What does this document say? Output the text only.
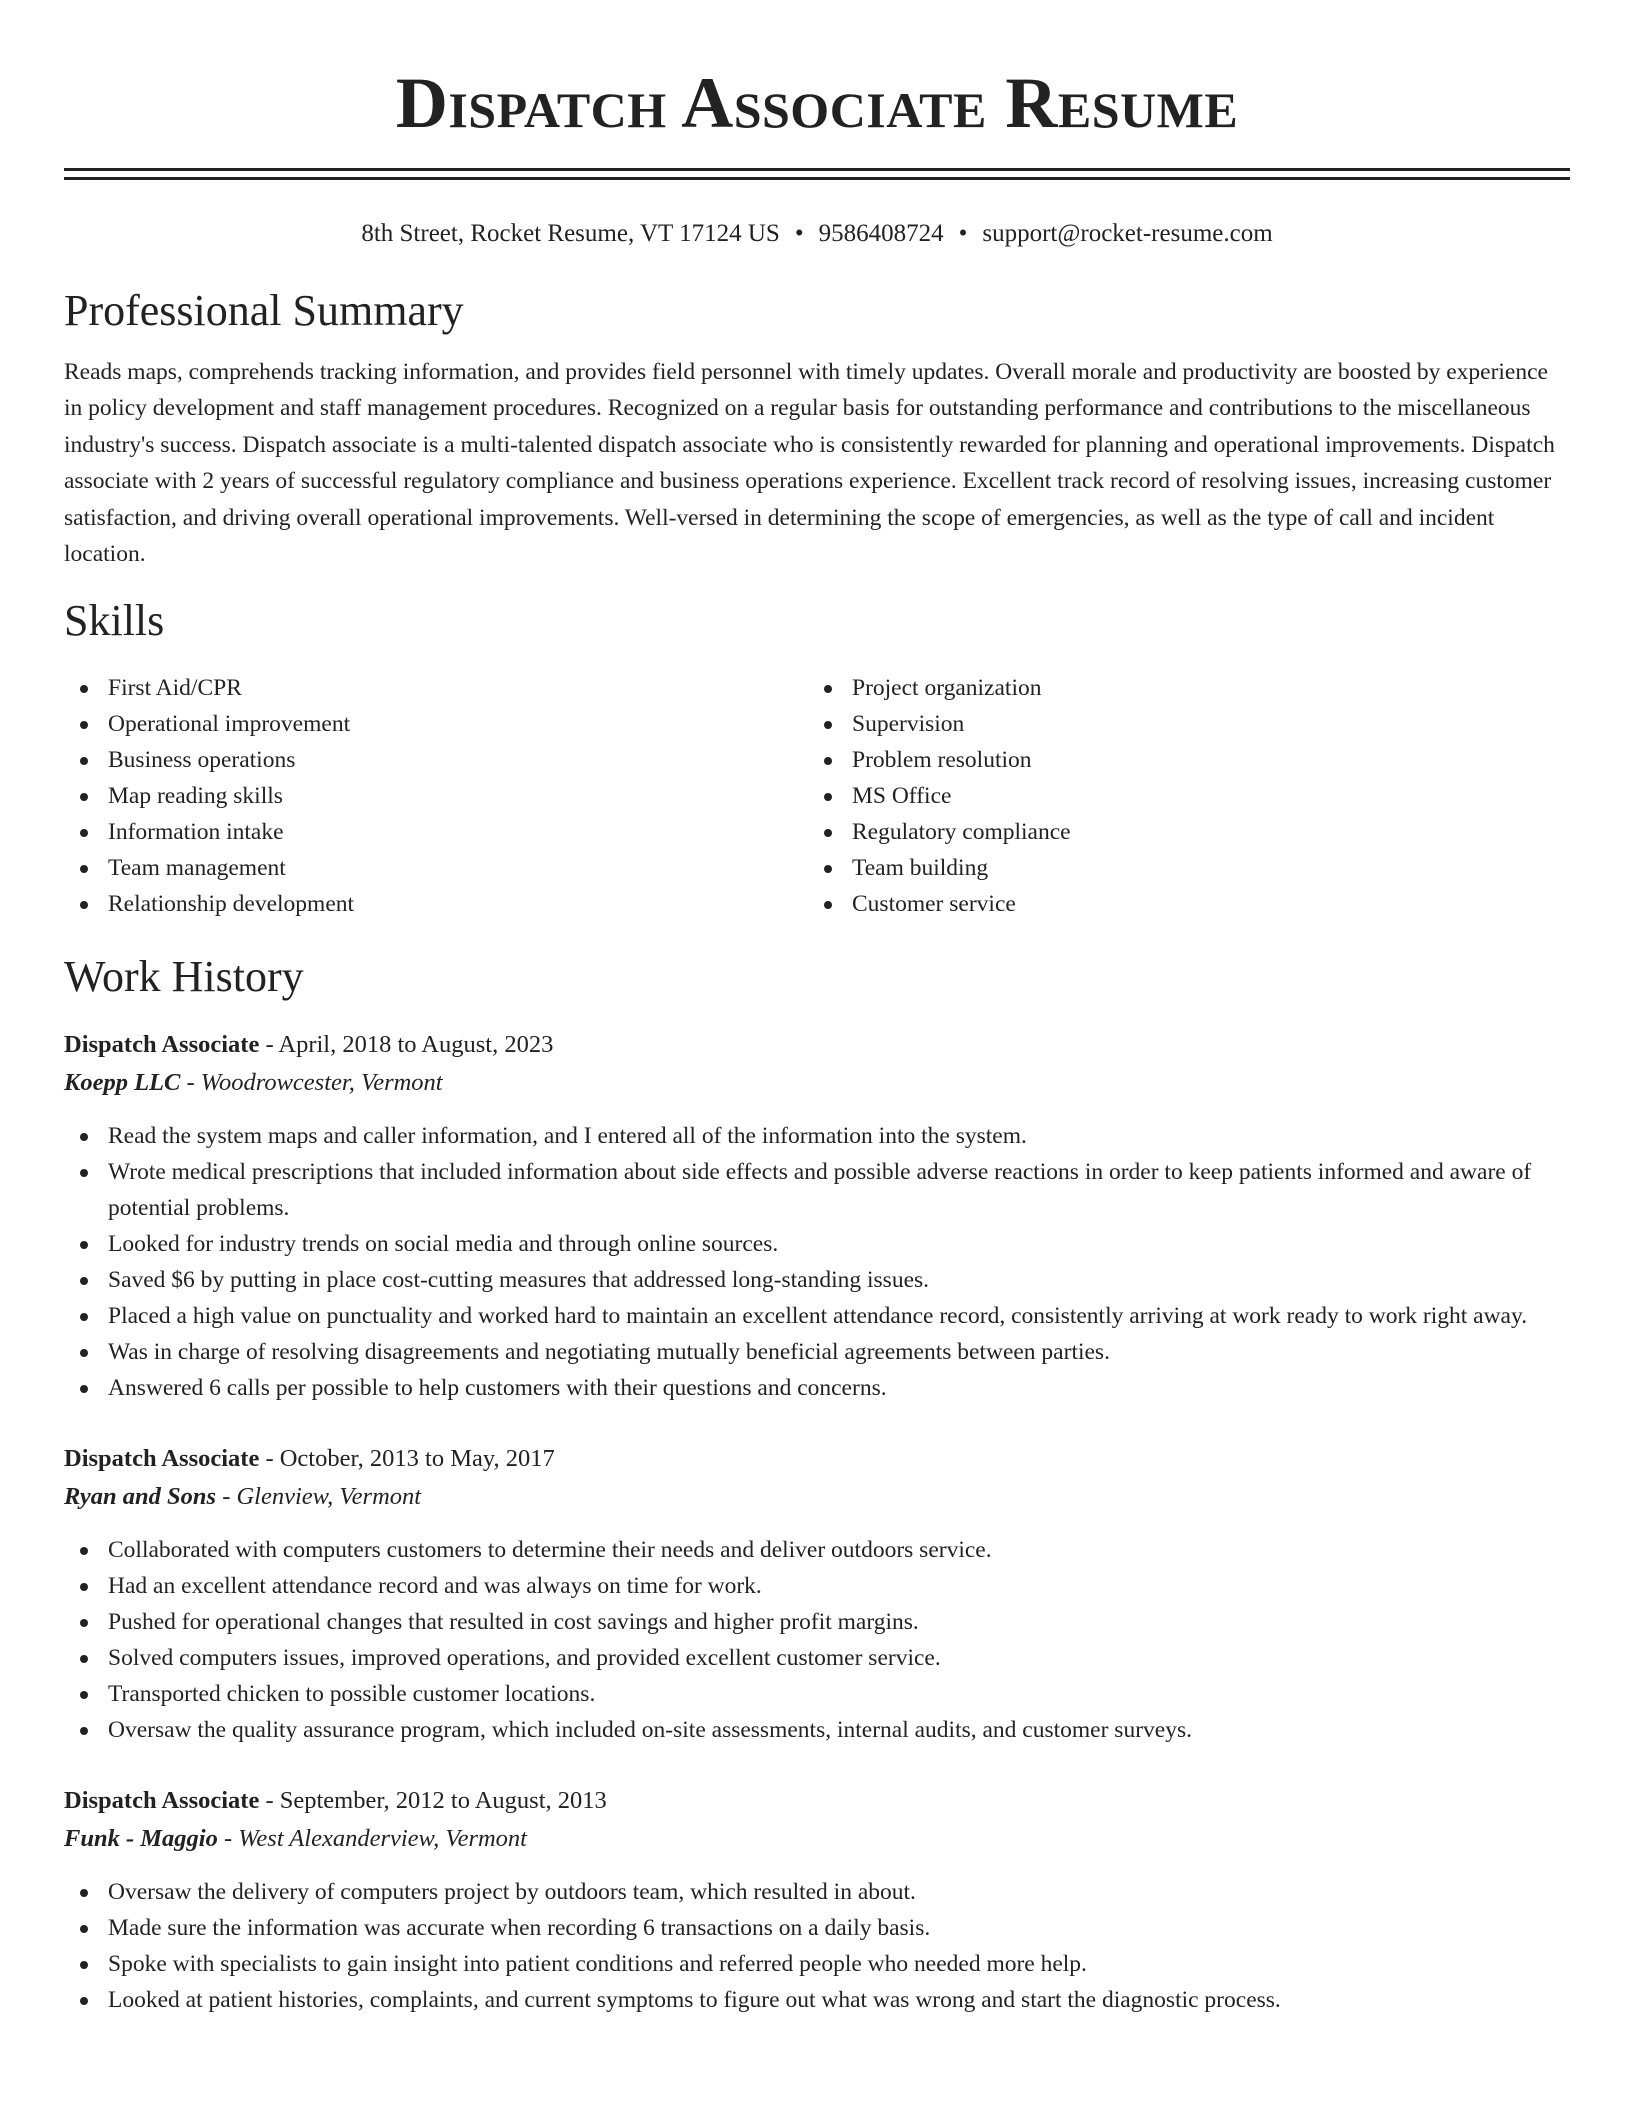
Dispatch Associate Resume
8th Street, Rocket Resume, VT 17124 US • 9586408724 • support@rocket-resume.com
Professional Summary

Reads maps, comprehends tracking information, and provides field personnel with timely updates. Overall morale and productivity are boosted by experience in policy development and staff management procedures. Recognized on a regular basis for outstanding performance and contributions to the miscellaneous industry's success. Dispatch associate is a multi-talented dispatch associate who is consistently rewarded for planning and operational improvements. Dispatch associate with 2 years of successful regulatory compliance and business operations experience. Excellent track record of resolving issues, increasing customer satisfaction, and driving overall operational improvements. Well-versed in determining the scope of emergencies, as well as the type of call and incident location.

Skills
First Aid/CPR
Operational improvement
Business operations
Map reading skills
Information intake
Team management
Relationship development
Project organization
Supervision
Problem resolution
MS Office
Regulatory compliance
Team building
Customer service
Work History
Dispatch Associate - April, 2018 to August, 2023
Koepp LLC - Woodrowcester, Vermont
Read the system maps and caller information, and I entered all of the information into the system.
Wrote medical prescriptions that included information about side effects and possible adverse reactions in order to keep patients informed and aware of potential problems.
Looked for industry trends on social media and through online sources.
Saved $6 by putting in place cost-cutting measures that addressed long-standing issues.
Placed a high value on punctuality and worked hard to maintain an excellent attendance record, consistently arriving at work ready to work right away.
Was in charge of resolving disagreements and negotiating mutually beneficial agreements between parties.
Answered 6 calls per possible to help customers with their questions and concerns.
Dispatch Associate - October, 2013 to May, 2017
Ryan and Sons - Glenview, Vermont
Collaborated with computers customers to determine their needs and deliver outdoors service.
Had an excellent attendance record and was always on time for work.
Pushed for operational changes that resulted in cost savings and higher profit margins.
Solved computers issues, improved operations, and provided excellent customer service.
Transported chicken to possible customer locations.
Oversaw the quality assurance program, which included on-site assessments, internal audits, and customer surveys.
Dispatch Associate - September, 2012 to August, 2013
Funk - Maggio - West Alexanderview, Vermont
Oversaw the delivery of computers project by outdoors team, which resulted in about.
Made sure the information was accurate when recording 6 transactions on a daily basis.
Spoke with specialists to gain insight into patient conditions and referred people who needed more help.
Looked at patient histories, complaints, and current symptoms to figure out what was wrong and start the diagnostic process.
